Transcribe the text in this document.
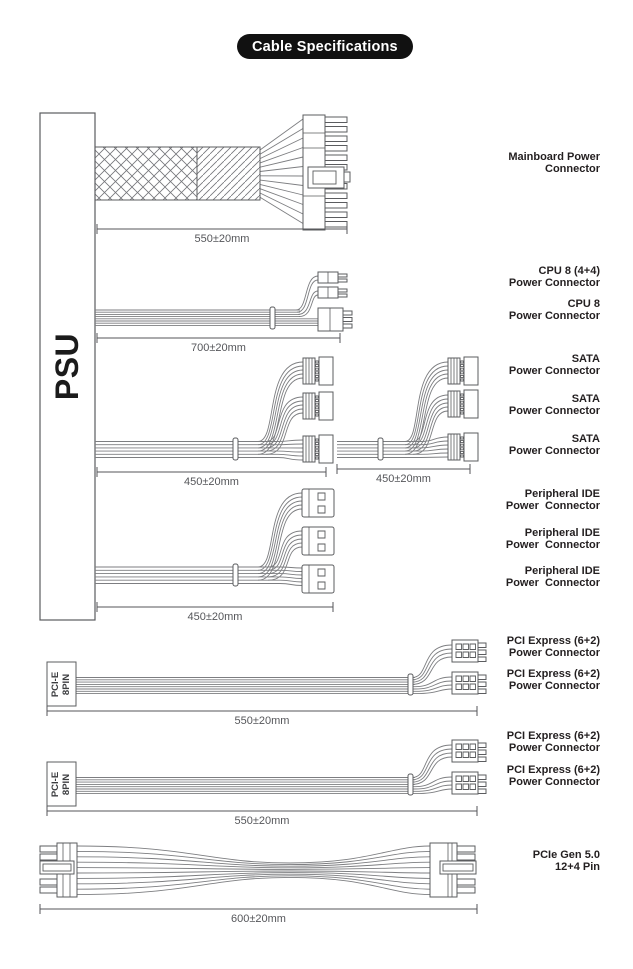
Cable Specifications
PSU
PCI-E 8PIN
PCI-E 8PIN
550±20mm
700±20mm
450±20mm	450±20mm
450±20mm
550±20mm
550±20mm
600±20mm
Mainboard Power
Connector
CPU 8 (4+4)
Power Connector
CPU 8
Power Connector
SATA
Power Connector
SATA
Power Connector
SATA
Power Connector
Peripheral IDE
Power  Connector
Peripheral IDE
Power  Connector
Peripheral IDE
Power  Connector
PCI Express (6+2)
Power Connector
PCI Express (6+2)
Power Connector
PCI Express (6+2)
Power Connector
PCI Express (6+2)
Power Connector
PCIe Gen 5.0
12+4 Pin
